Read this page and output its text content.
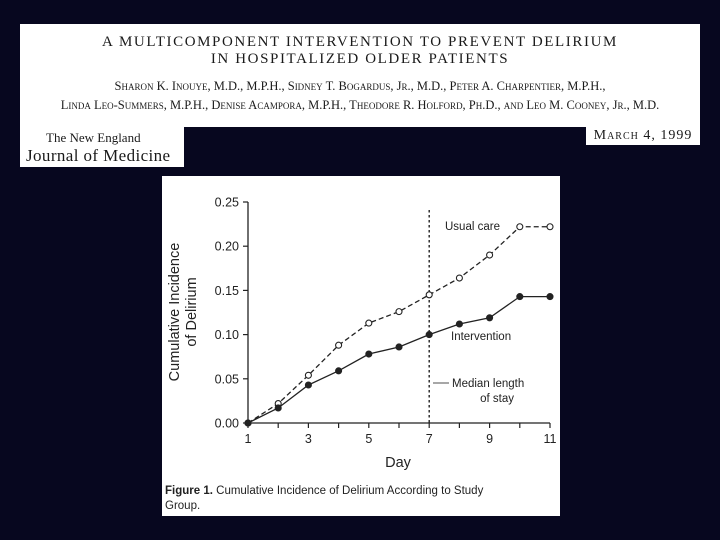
A MULTICOMPONENT INTERVENTION TO PREVENT DELIRIUM
IN HOSPITALIZED OLDER PATIENTS
Sharon K. Inouye, M.D., M.P.H., Sidney T. Bogardus, Jr., M.D., Peter A. Charpentier, M.P.H.,
Linda Leo-Summers, M.P.H., Denise Acampora, M.P.H., Theodore R. Holford, Ph.D., and Leo M. Cooney, Jr., M.D.
The New England
Journal of Medicine
March 4, 1999
0.00
0.05
0.10
0.15
0.20
0.25
1	3	5	7	9	11
Cumulative Incidence of Delirium
Day
Usual care
Intervention
Median length
of stay
Figure 1. Cumulative Incidence of Delirium According to Study
Group.
